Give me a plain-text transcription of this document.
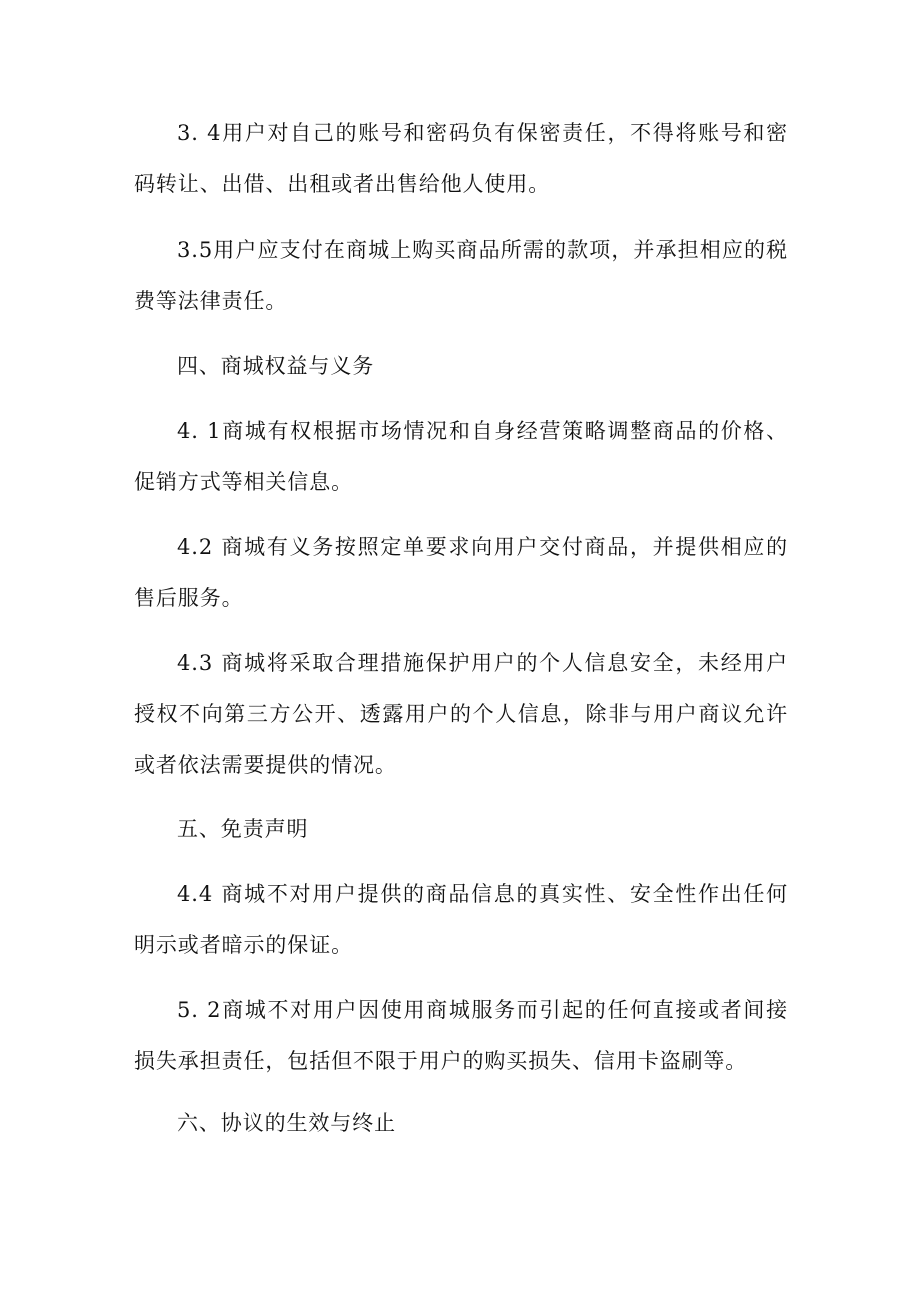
3. 4用户对自己的账号和密码负有保密责任，不得将账号和密码转让、出借、出租或者出售给他人使用。

3.5用户应支付在商城上购买商品所需的款项，并承担相应的税费等法律责任。

四、商城权益与义务

4. 1商城有权根据市场情况和自身经营策略调整商品的价格、促销方式等相关信息。

4.2 商城有义务按照定单要求向用户交付商品，并提供相应的售后服务。

4.3 商城将采取合理措施保护用户的个人信息安全，未经用户授权不向第三方公开、透露用户的个人信息，除非与用户商议允许或者依法需要提供的情况。

五、免责声明

4.4 商城不对用户提供的商品信息的真实性、安全性作出任何明示或者暗示的保证。

5. 2商城不对用户因使用商城服务而引起的任何直接或者间接损失承担责任，包括但不限于用户的购买损失、信用卡盗刷等。

六、协议的生效与终止
